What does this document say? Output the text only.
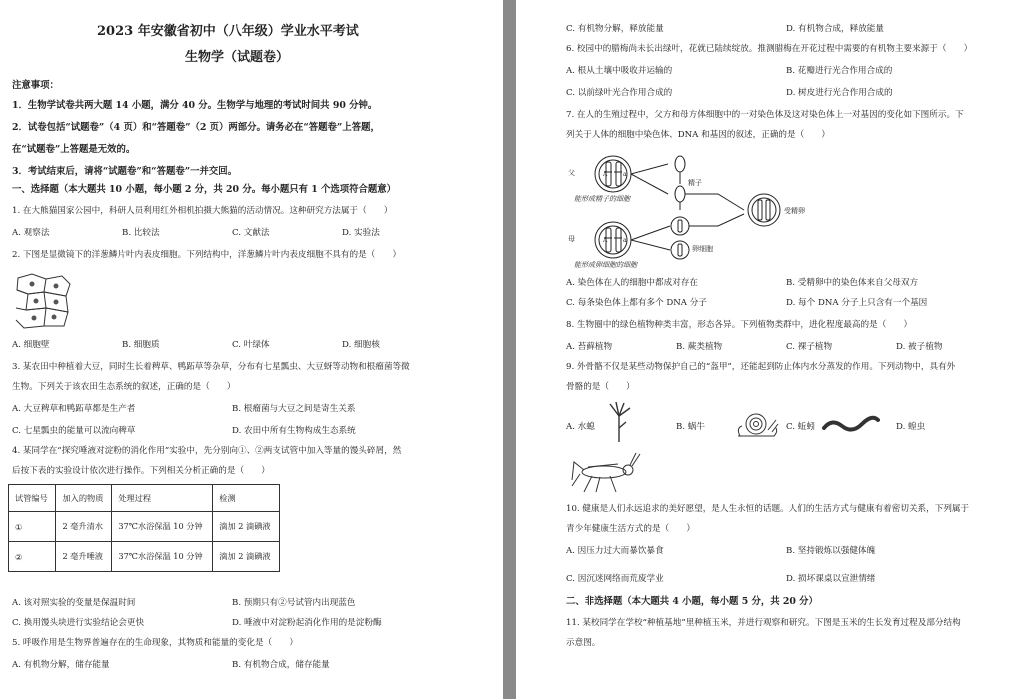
2023 年安徽省初中（八年级）学业水平考试
生物学（试题卷）
注意事项：
1．生物学试卷共两大题 14 小题，满分 40 分。生物学与地理的考试时间共 90 分钟。
2．试卷包括“试题卷”（4 页）和“答题卷”（2 页）两部分。请务必在“答题卷”上答题，
在“试题卷”上答题是无效的。
3．考试结束后，请将“试题卷”和“答题卷”一并交回。
一、选择题（本大题共 10 小题，每小题 2 分，共 20 分。每小题只有 1 个选项符合题意）
1. 在大熊猫国家公园中，科研人员利用红外相机拍摄大熊猫的活动情况。这种研究方法属于（　　）
A. 观察法	B. 比较法	C. 文献法	D. 实验法
2. 下图是显微镜下的洋葱鳞片叶内表皮细胞。下列结构中，洋葱鳞片叶内表皮细胞不具有的是（　　）
A. 细胞壁	B. 细胞质	C. 叶绿体	D. 细胞核
3. 某农田中种植着大豆，同时生长着稗草、鸭跖草等杂草，分布有七星瓢虫、大豆蚜等动物和根瘤菌等微
生物。下列关于该农田生态系统的叙述，正确的是（　　）
A. 大豆稗草和鸭跖草都是生产者	B. 根瘤菌与大豆之间是寄生关系
C. 七星瓢虫的能量可以流向稗草	D. 农田中所有生物构成生态系统
4. 某同学在“探究唾液对淀粉的消化作用”实验中，先分别向①、②两支试管中加入等量的馒头碎屑，然
后按下表的实验设计依次进行操作。下列相关分析正确的是（　　）
试管编号	加入的物质	处理过程	检测
①	2 毫升清水	37℃水浴保温 10 分钟	滴加 2 滴碘液
②	2 毫升唾液	37℃水浴保温 10 分钟	滴加 2 滴碘液
A. 该对照实验的变量是保温时间	B. 预期只有②号试管内出现蓝色
C. 换用馒头块进行实验结论会更快	D. 唾液中对淀粉起消化作用的是淀粉酶
5. 呼吸作用是生物界普遍存在的生命现象，其物质和能量的变化是（　　）
A. 有机物分解，储存能量	B. 有机物合成，储存能量
C. 有机物分解，释放能量	D. 有机物合成，释放能量
6. 校园中的腊梅尚未长出绿叶，花就已陆续绽放。推测腊梅在开花过程中需要的有机物主要来源于（　　）
A. 根从土壤中吸收并运输的	B. 花瓣进行光合作用合成的
C. 以前绿叶光合作用合成的	D. 树皮进行光合作用合成的
7. 在人的生殖过程中，父方和母方体细胞中的一对染色体及这对染色体上一对基因的变化如下图所示。下
列关于人体的细胞中染色体、DNA 和基因的叙述，正确的是（　　）
父
母
A	a
A	a
能形成精子的细胞
能形成卵细胞的细胞
精子
卵细胞
受精卵
A. 染色体在人的细胞中都成对存在	B. 受精卵中的染色体来自父母双方
C. 每条染色体上都有多个 DNA 分子	D. 每个 DNA 分子上只含有一个基因
8. 生物圈中的绿色植物种类丰富，形态各异。下列植物类群中，进化程度最高的是（　　）
A. 苔藓植物	B. 蕨类植物	C. 裸子植物	D. 被子植物
9. 外骨骼不仅是某些动物保护自己的“盔甲”，还能起到防止体内水分蒸发的作用。下列动物中，具有外
骨骼的是（　　）
A. 水螅	B. 蜗牛	C. 蚯蚓	D. 蝗虫
10. 健康是人们永远追求的美好愿望，是人生永恒的话题。人们的生活方式与健康有着密切关系，下列属于
青少年健康生活方式的是（　　）
A. 因压力过大而暴饮暴食	B. 坚持锻炼以强健体魄
C. 因沉迷网络而荒废学业	D. 损坏课桌以宣泄情绪
二、非选择题（本大题共 4 小题，每小题 5 分，共 20 分）
11. 某校同学在学校“种植基地”里种植玉米，并进行观察和研究。下图是玉米的生长发育过程及部分结构
示意图。
